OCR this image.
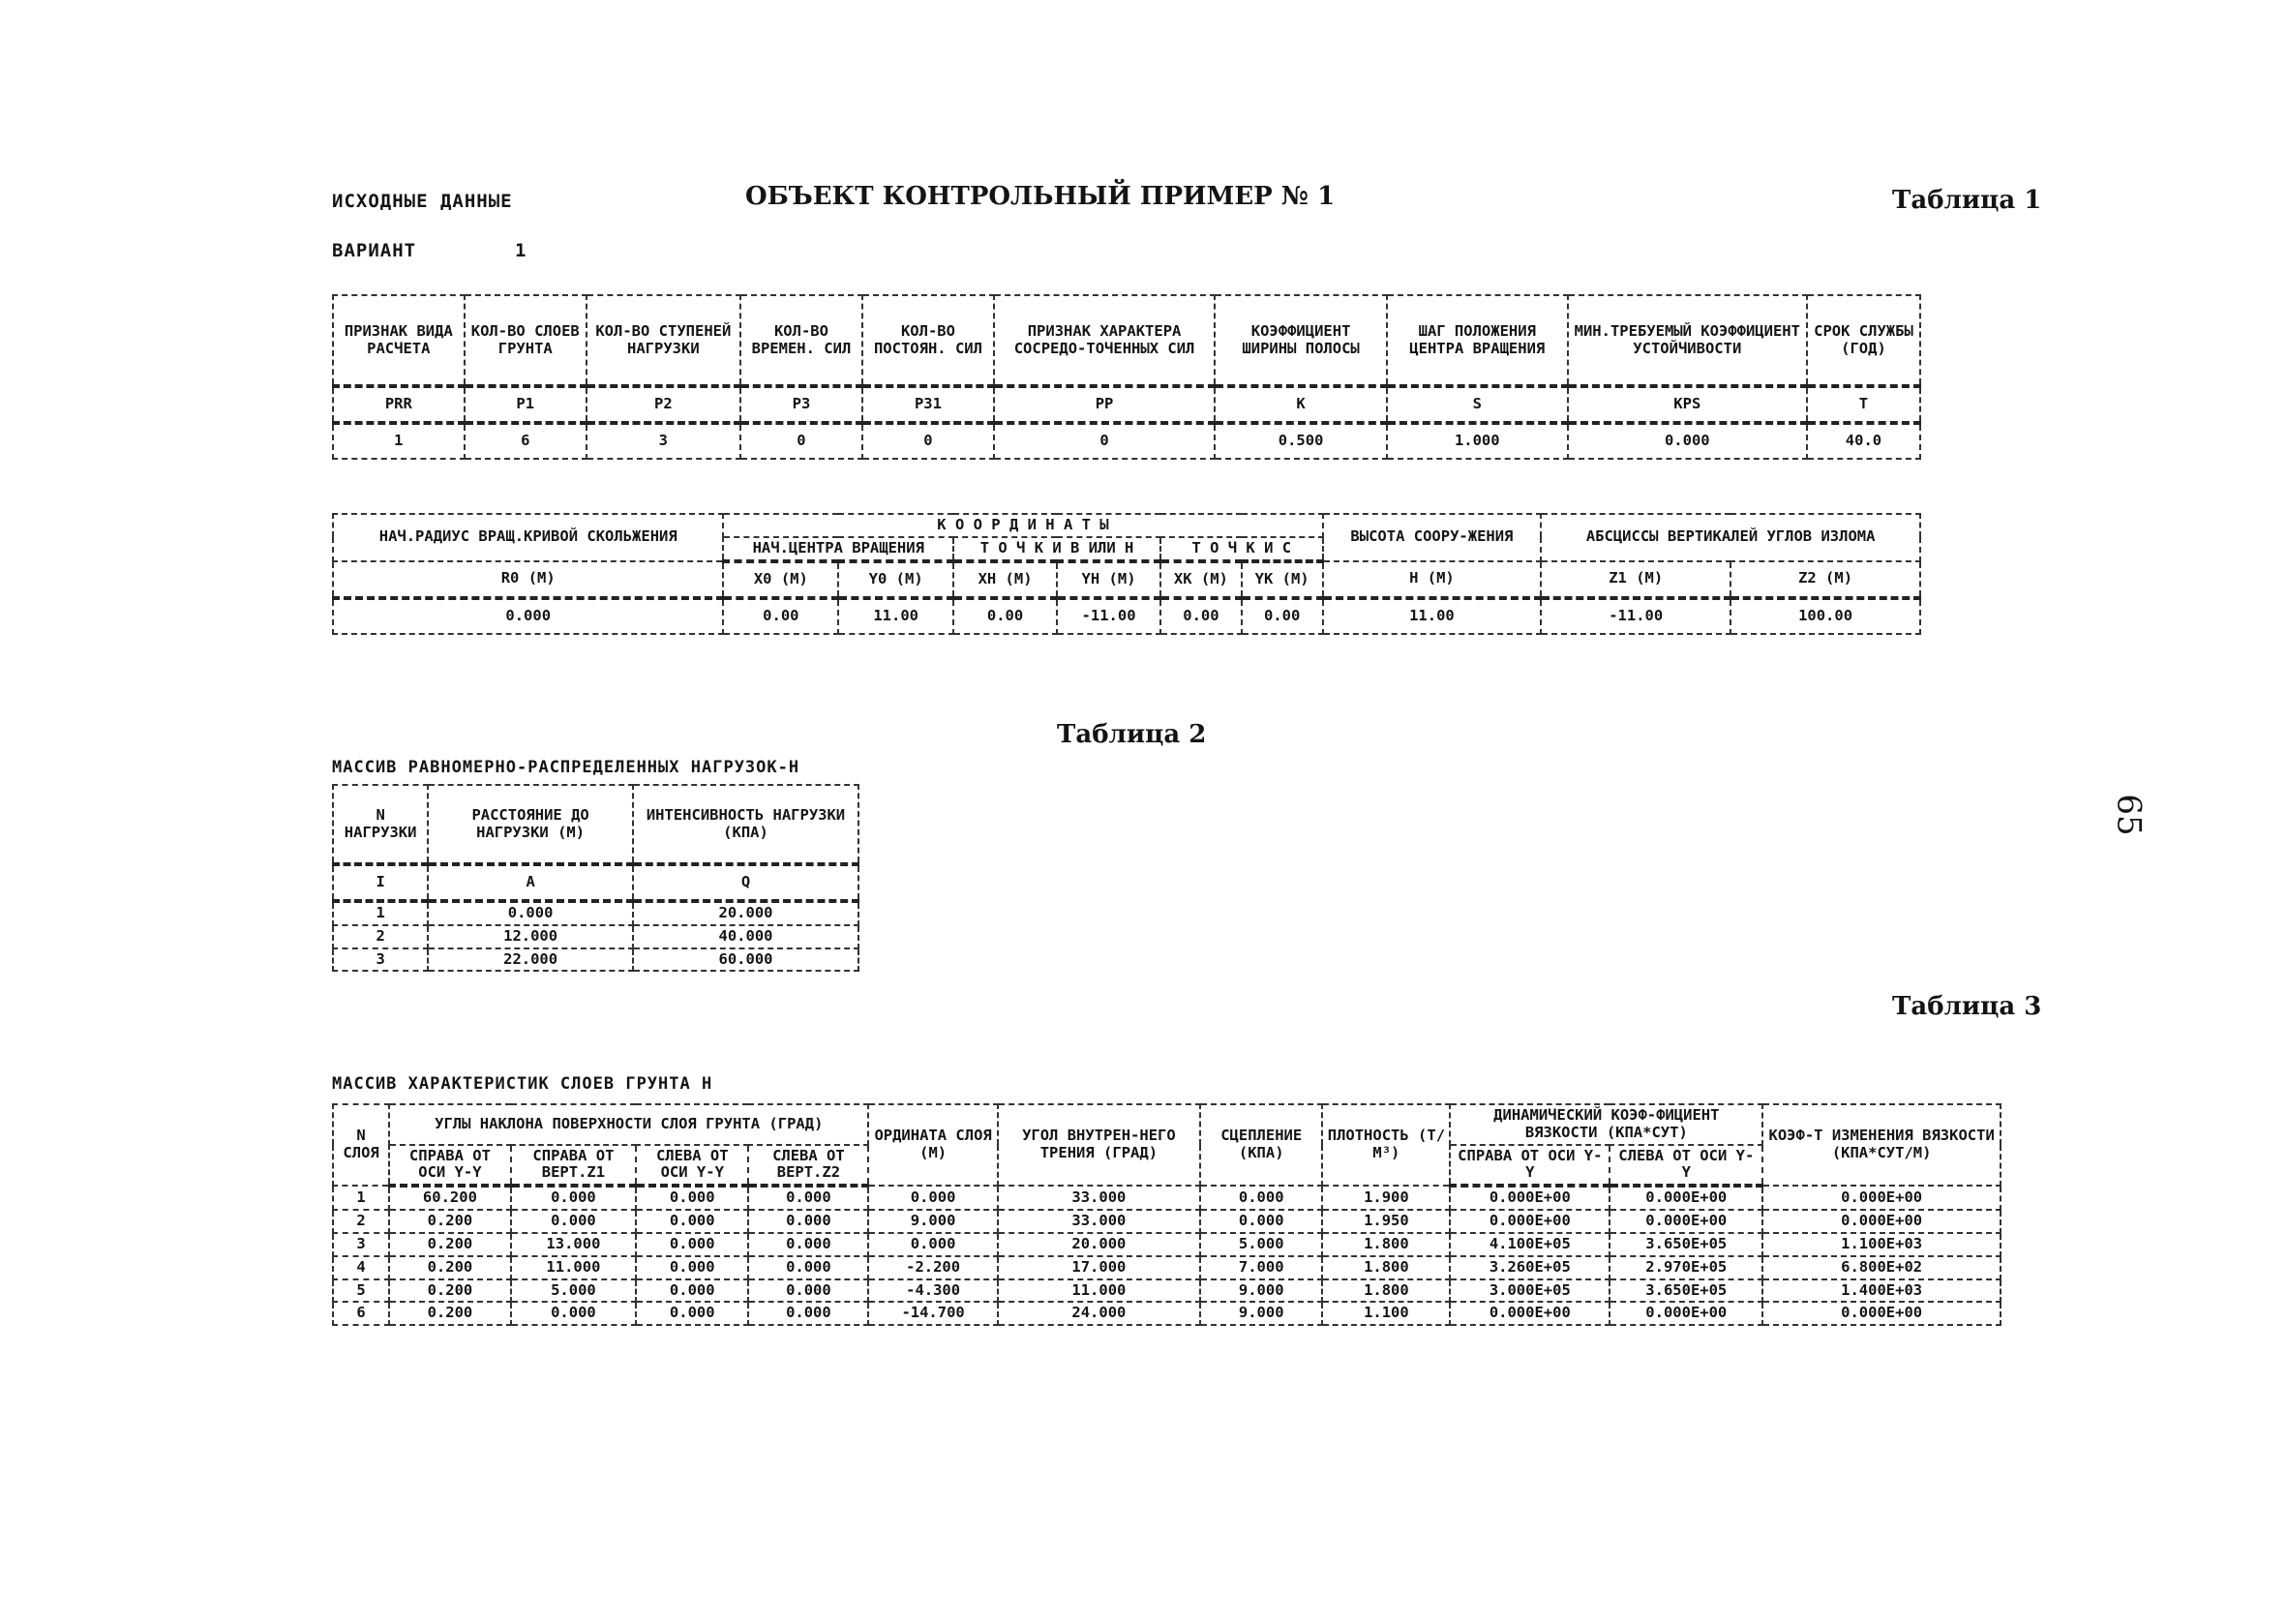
ИСХОДНЫЕ ДАННЫЕ	ОБЪЕКТ КОНТРОЛЬНЫЙ ПРИМЕР № 1	Таблица 1
ВАРИАНТ	1
65
ПРИЗНАК ВИДА РАСЧЕТА	КОЛ-ВО СЛОЕВ ГРУНТА	КОЛ-ВО СТУПЕНЕЙ НАГРУЗКИ	КОЛ-ВО ВРЕМЕН. СИЛ	КОЛ-ВО ПОСТОЯН. СИЛ	ПРИЗНАК ХАРАКТЕРА СОСРЕДО-ТОЧЕННЫХ СИЛ	КОЭФФИЦИЕНТ ШИРИНЫ ПОЛОСЫ	ШАГ ПОЛОЖЕНИЯ ЦЕНТРА ВРАЩЕНИЯ	МИН.ТРЕБУЕМЫЙ КОЭФФИЦИЕНТ УСТОЙЧИВОСТИ	СРОК СЛУЖБЫ (ГОД)
PRR	P1	P2	P3	P31	PP	K	S	KPS	T
1	6	3	0	0	0	0.500	1.000	0.000	40.0
НАЧ.РАДИУС ВРАЩ.КРИВОЙ СКОЛЬЖЕНИЯ	К О О Р Д И Н А Т Ы						ВЫСОТА СООРУ-ЖЕНИЯ	АБСЦИССЫ ВЕРТИКАЛЕЙ УГЛОВ ИЗЛОМА	
	НАЧ.ЦЕНТРА ВРАЩЕНИЯ		Т О Ч К И В ИЛИ Н		Т О Ч К И С				
R0 (М)	X0 (М)	Y0 (М)	XН (М)	YН (М)	XК (М)	YК (М)	H (М)	Z1 (М)	Z2 (М)
0.000	0.00	11.00	0.00	-11.00	0.00	0.00	11.00	-11.00	100.00
Таблица 2
МАССИВ РАВНОМЕРНО-РАСПРЕДЕЛЕННЫХ НАГРУЗОК-Н
N НАГРУЗКИ	РАССТОЯНИЕ ДО НАГРУЗКИ (М)	ИНТЕНСИВНОСТЬ НАГРУЗКИ (КПА)
I	A	Q
1	0.000	20.000
2	12.000	40.000
3	22.000	60.000
Таблица 3
МАССИВ ХАРАКТЕРИСТИК СЛОЕВ ГРУНТА Н
N СЛОЯ	УГЛЫ НАКЛОНА ПОВЕРХНОСТИ СЛОЯ ГРУНТА (ГРАД)				ОРДИНАТА СЛОЯ (М)	УГОЛ ВНУТРЕН-НЕГО ТРЕНИЯ (ГРАД)	СЦЕПЛЕНИЕ (КПА)	ПЛОТНОСТЬ (Т/М³)	ДИНАМИЧЕСКИЙ КОЭФ-ФИЦИЕНТ ВЯЗКОСТИ (КПА*СУТ)		КОЭФ-Т ИЗМЕНЕНИЯ ВЯЗКОСТИ (КПА*СУТ/М)
	СПРАВА ОТ ОСИ Y-Y	СПРАВА ОТ ВЕРТ.Z1	СЛЕВА ОТ ОСИ Y-Y	СЛЕВА ОТ ВЕРТ.Z2					СПРАВА ОТ ОСИ Y-Y	СЛЕВА ОТ ОСИ Y-Y	
1	60.200	0.000	0.000	0.000	0.000	33.000	0.000	1.900	0.000E+00	0.000E+00	0.000E+00
2	0.200	0.000	0.000	0.000	9.000	33.000	0.000	1.950	0.000E+00	0.000E+00	0.000E+00
3	0.200	13.000	0.000	0.000	0.000	20.000	5.000	1.800	4.100E+05	3.650E+05	1.100E+03
4	0.200	11.000	0.000	0.000	-2.200	17.000	7.000	1.800	3.260E+05	2.970E+05	6.800E+02
5	0.200	5.000	0.000	0.000	-4.300	11.000	9.000	1.800	3.000E+05	3.650E+05	1.400E+03
6	0.200	0.000	0.000	0.000	-14.700	24.000	9.000	1.100	0.000E+00	0.000E+00	0.000E+00
